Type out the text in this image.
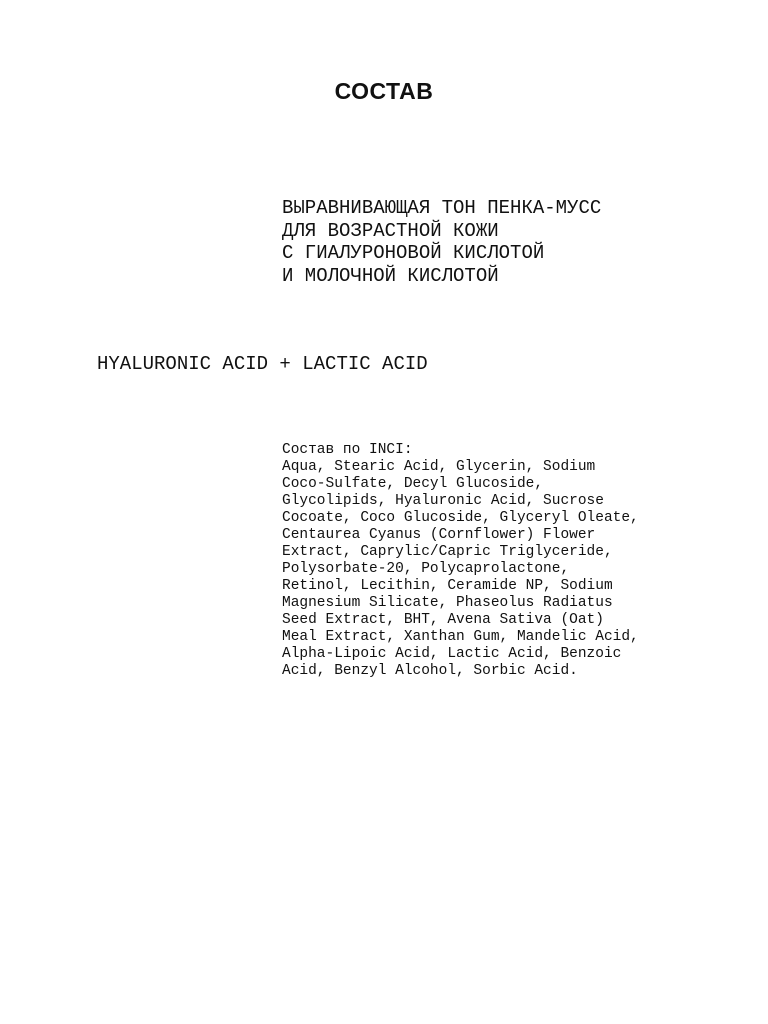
СОСТАВ
ВЫРАВНИВАЮЩАЯ ТОН ПЕНКА-МУСС
ДЛЯ ВОЗРАСТНОЙ КОЖИ
С ГИАЛУРОНОВОЙ КИСЛОТОЙ
И МОЛОЧНОЙ КИСЛОТОЙ
HYALURONIC ACID + LACTIC ACID
Состав по INCI:
Aqua, Stearic Acid, Glycerin, Sodium
Coco-Sulfate, Decyl Glucoside,
Glycolipids, Hyaluronic Acid, Sucrose
Cocoate, Coco Glucoside, Glyceryl Oleate,
Centaurea Cyanus (Cornflower) Flower
Extract, Caprylic/Capric Triglyceride,
Polysorbate-20, Polycaprolactone,
Retinol, Lecithin, Ceramide NP, Sodium
Magnesium Silicate, Phaseolus Radiatus
Seed Extract, BHT, Avena Sativa (Oat)
Meal Extract, Xanthan Gum, Mandelic Acid,
Alpha-Lipoic Acid, Lactic Acid, Benzoic
Acid, Benzyl Alcohol, Sorbic Acid.
